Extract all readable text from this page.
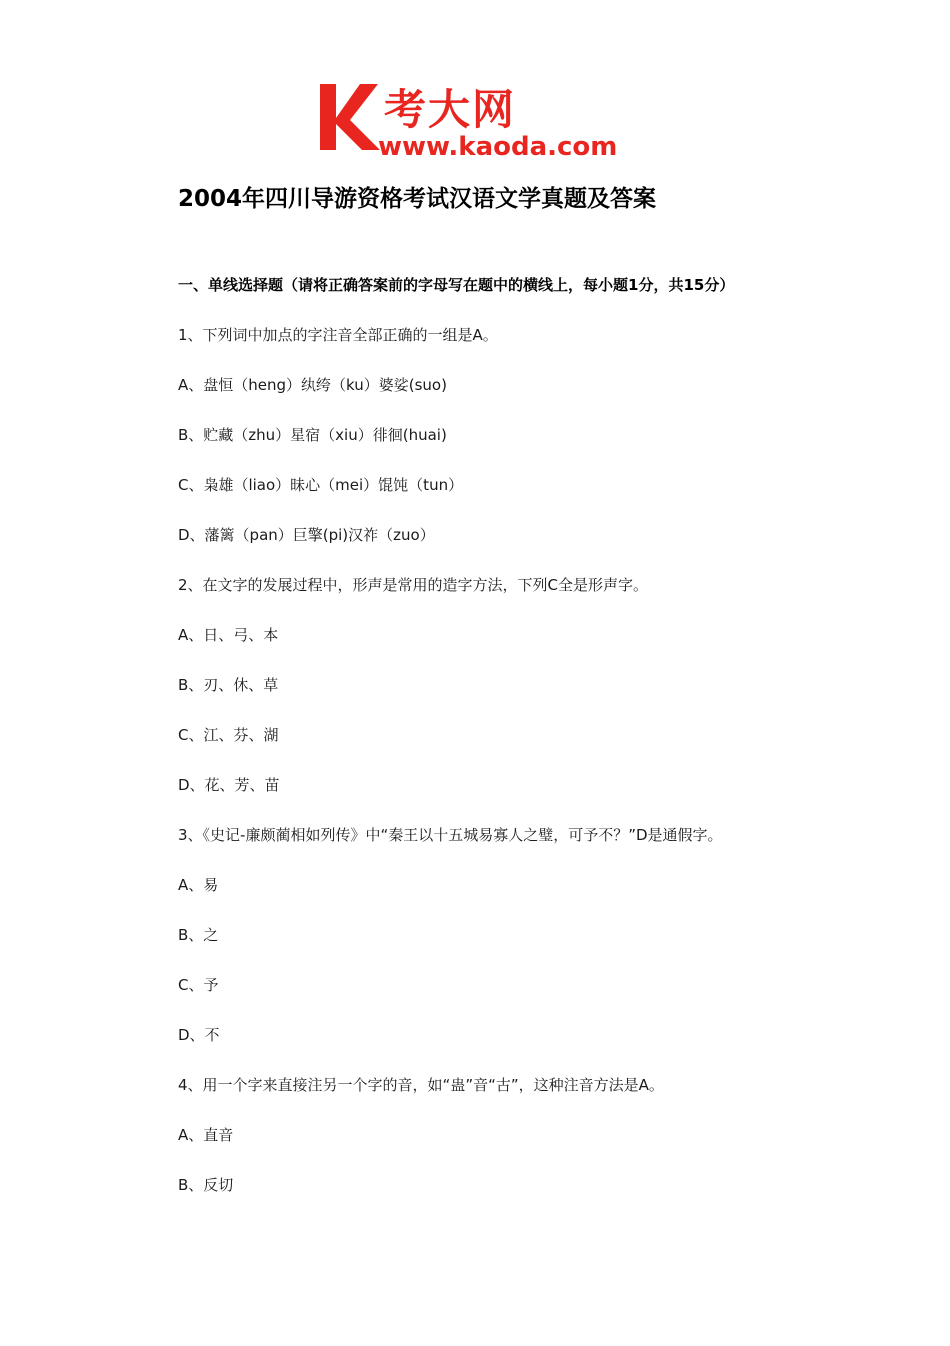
K
考大网
www.kaoda.com
2004年四川导游资格考试汉语文学真题及答案
一、单线选择题（请将正确答案前的字母写在题中的横线上，每小题1分，共15分）
1、下列词中加点的字注音全部正确的一组是A。
A、盘恒（heng）纨绔（ku）婆娑(suo)
B、贮藏（zhu）星宿（xiu）徘徊(huai)
C、枭雄（liao）昧心（mei）馄饨（tun）
D、藩篱（pan）巨擎(pi)汉祚（zuo）
2、在文字的发展过程中，形声是常用的造字方法，下列C全是形声字。
A、日、弓、本
B、刃、休、草
C、江、芬、湖
D、花、芳、苗
3、《史记-廉颇蔺相如列传》中“秦王以十五城易寡人之璧，可予不？”D是通假字。
A、易
B、之
C、予
D、不
4、用一个字来直接注另一个字的音，如“蛊”音“古”，这种注音方法是A。
A、直音
B、反切
